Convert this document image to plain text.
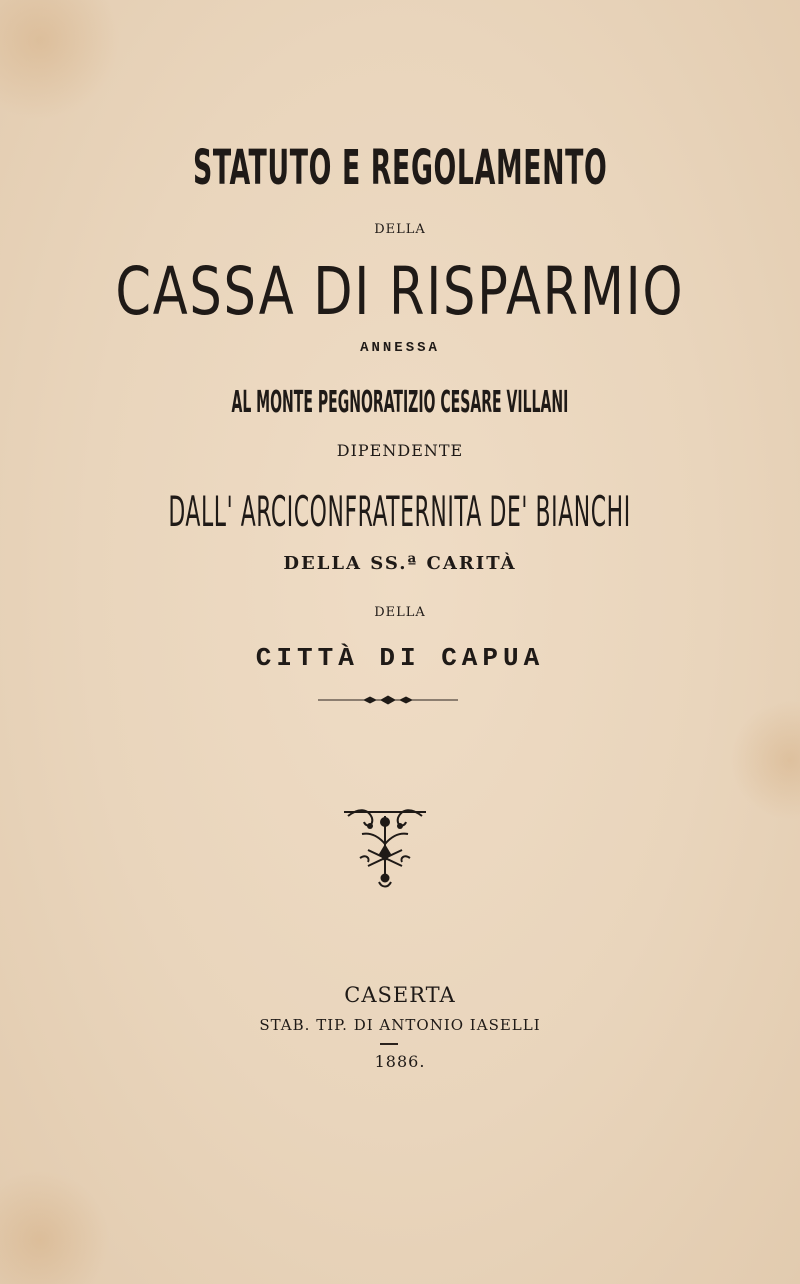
STATUTO E REGOLAMENTO
DELLA
CASSA DI RISPARMIO
ANNESSA
AL MONTE PEGNORATIZIO CESARE VILLANI
DIPENDENTE
DALL' ARCICONFRATERNITA DE' BIANCHI
DELLA SS.ª CARITÀ
DELLA
CITTÀ DI CAPUA
CASERTA
STAB. TIP. DI ANTONIO IASELLI
1886.
